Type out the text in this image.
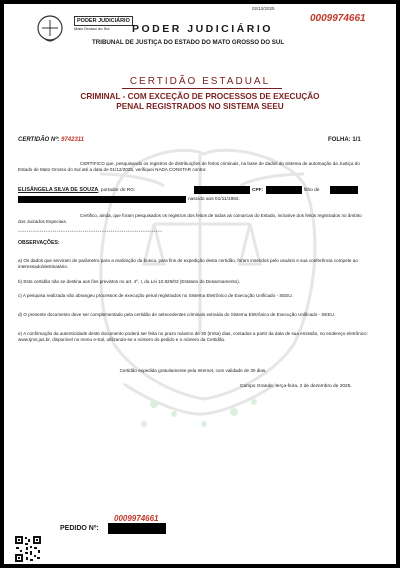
PODER JUDICIÁRIO
Mato Grosso do Sul
02/12/2025
0009974661
PODER JUDICIÁRIO
TRIBUNAL DE JUSTIÇA DO ESTADO DO MATO GROSSO DO SUL
CERTIDÃO ESTADUAL
CRIMINAL - COM EXCEÇÃO DE PROCESSOS DE EXECUÇÃO
PENAL REGISTRADOS NO SISTEMA SEEU
CERTIDÃO Nº: 9742311	FOLHA: 1/1
CERTIFICO que, pesquisando os registros de distribuições de feitos criminais, na base de dados do sistema de automação da Justiça do Estado de Mato Grosso do Sul até a data de 01/12/2025, verifiquei NADA CONSTAR contra:
ELISÂNGELA SILVA DE SOUZA, portador do RG:	CPF:	filho de
nascido aos 01/11/1982.
Certifico, ainda, que foram pesquisados os registros dos feitos de todas as comarcas do Estado, inclusive dos feitos registrados no âmbito dos Juizados Especiais.
*******************************************************************
OBSERVAÇÕES:
a) Os dados que serviram de parâmetro para a realização da busca, para fins de expedição desta certidão, foram inseridos pelo usuário e sua conferência compete ao interessado/destinatário.
b) Esta certidão não se destina aos fins previstos no art. 4º, I, da Lei 10.826/03 (Estatuto do Desarmamento).
c) A pesquisa realizada não abrangeu processos de execução penal registrados no Sistema Eletrônico de Execução Unificado - SEEU.
d) O presente documento deve ser complementado pela certidão de antecedentes criminais extraída do Sistema Eletrônico de Execução Unificado - SEEU.
e) A confirmação da autenticidade deste documento poderá ser feita no prazo máximo de 30 (trinta) dias, contados a partir da data de sua emissão, no endereço eletrônico: www.tjms.jus.br, disponível no menu e-Sal, utilizando-se o número do pedido e o número da Certidão.
Certidão expedida gratuitamente pela Internet, com validade de 30 dias.
Campo Grande, terça-feira, 2 de dezembro de 2025.
PEDIDO Nº:
0009974661
